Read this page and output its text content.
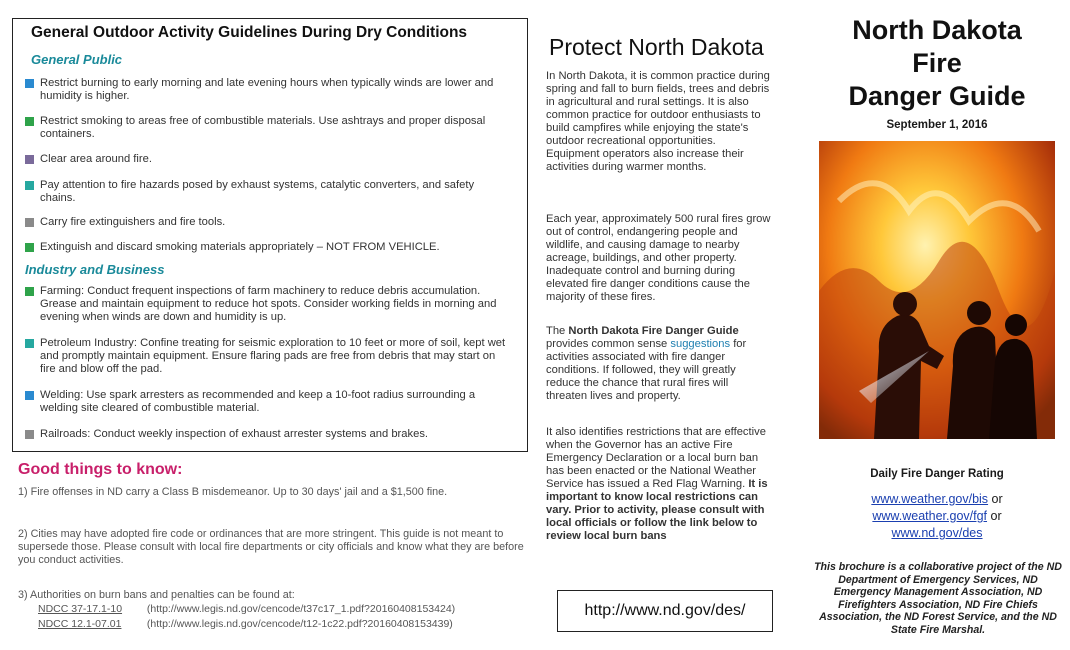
General Outdoor Activity Guidelines During Dry Conditions
General Public
Restrict burning to early morning and late evening hours when typically winds are lower and humidity is higher.
Restrict smoking to areas free of combustible materials. Use ashtrays and proper disposal containers.
Clear area around fire.
Pay attention to fire hazards posed by exhaust systems, catalytic converters, and safety chains.
Carry fire extinguishers and fire tools.
Extinguish and discard smoking materials appropriately – NOT FROM VEHICLE.
Industry and Business
Farming: Conduct frequent inspections of farm machinery to reduce debris accumulation. Grease and maintain equipment to reduce hot spots. Consider working fields in morning and evening when winds are down and humidity is up.
Petroleum Industry: Confine treating for seismic exploration to 10 feet or more of soil, kept wet and promptly maintain equipment. Ensure flaring pads are free from debris that may start on fire and blow off the pad.
Welding: Use spark arresters as recommended and keep a 10-foot radius surrounding a welding site cleared of combustible material.
Railroads: Conduct weekly inspection of exhaust arrester systems and brakes.
Good things to know:
1) Fire offenses in ND carry a Class B misdemeanor. Up to 30 days' jail and a $1,500 fine.
2) Cities may have adopted fire code or ordinances that are more stringent. This guide is not meant to supersede those. Please consult with local fire departments or city officials and know what they are before you conduct activities.
3) Authorities on burn bans and penalties can be found at:
NDCC 37-17.1-10 (http://www.legis.nd.gov/cencode/t37c17_1.pdf?20160408153424)
NDCC 12.1-07.01 (http://www.legis.nd.gov/cencode/t12-1c22.pdf?20160408153439)
Protect North Dakota
In North Dakota, it is common practice during spring and fall to burn fields, trees and debris in agricultural and rural settings. It is also common practice for outdoor enthusiasts to build campfires while enjoying the state's outdoor recreational opportunities. Equipment operators also increase their activities during warmer months.
Each year, approximately 500 rural fires grow out of control, endangering people and wildlife, and causing damage to nearby acreage, buildings, and other property. Inadequate control and burning during elevated fire danger conditions cause the majority of these fires.
The North Dakota Fire Danger Guide provides common sense suggestions for activities associated with fire danger conditions. If followed, they will greatly reduce the chance that rural fires will threaten lives and property.
It also identifies restrictions that are effective when the Governor has an active Fire Emergency Declaration or a local burn ban has been enacted or the National Weather Service has issued a Red Flag Warning. It is important to know local restrictions can vary. Prior to activity, please consult with local officials or follow the link below to review local burn bans
http://www.nd.gov/des/
North Dakota
Fire
Danger Guide
September 1, 2016
Daily Fire Danger Rating
www.weather.gov/bis or
www.weather.gov/fgf or
www.nd.gov/des
This brochure is a collaborative project of the ND Department of Emergency Services, ND Emergency Management Association, ND Firefighters Association, ND Fire Chiefs Association, the ND Forest Service, and the ND State Fire Marshal.
